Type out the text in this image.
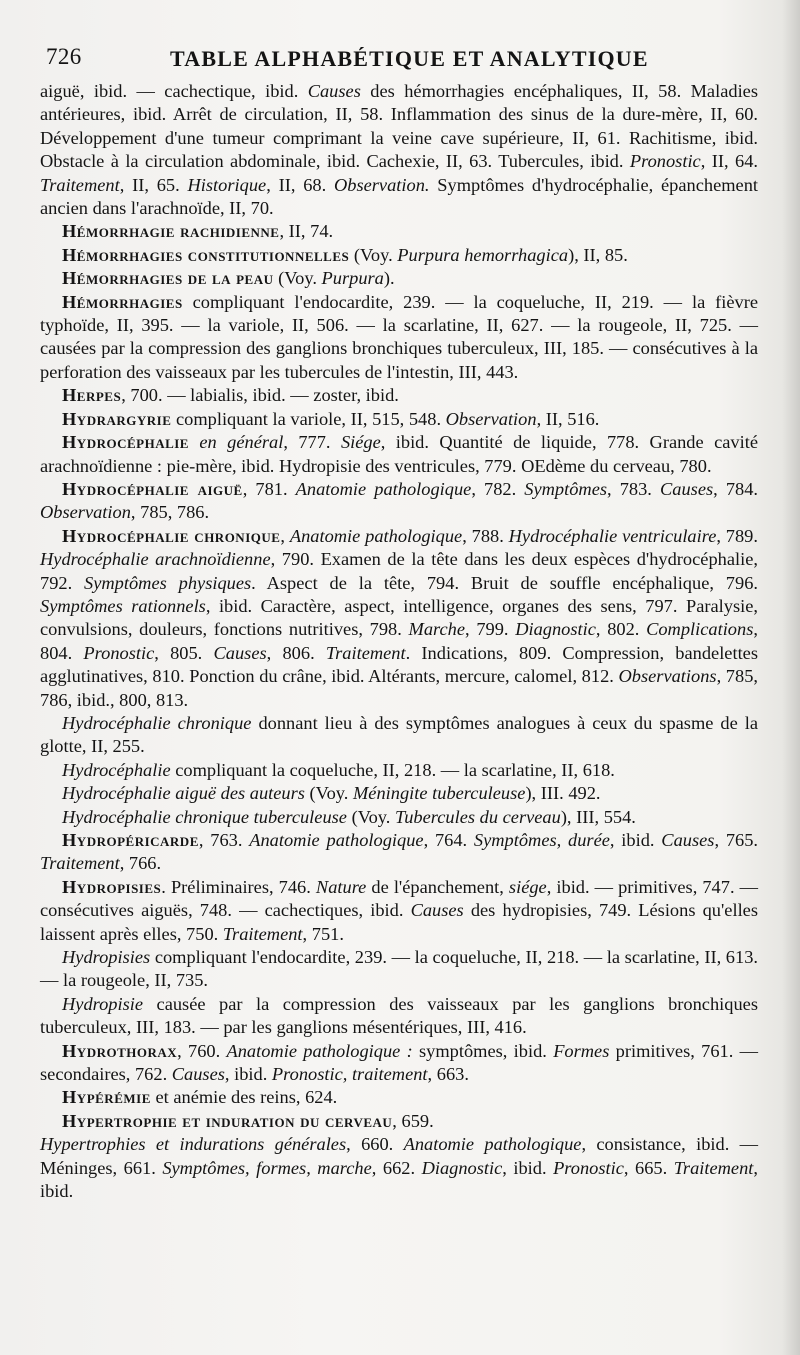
726	TABLE ALPHABÉTIQUE ET ANALYTIQUE

aiguë, ibid. — cachectique, ibid. Causes des hémorrhagies encéphaliques, II, 58. Maladies antérieures, ibid. Arrêt de circulation, II, 58. Inflammation des sinus de la dure-mère, II, 60. Développement d'une tumeur comprimant la veine cave supérieure, II, 61. Rachitisme, ibid. Obstacle à la circulation abdominale, ibid. Cachexie, II, 63. Tubercules, ibid. Pronostic, II, 64. Traitement, II, 65. Historique, II, 68. Observation. Symptômes d'hydrocéphalie, épanchement ancien dans l'arachnoïde, II, 70.

Hémorrhagie rachidienne, II, 74.

Hémorrhagies constitutionnelles (Voy. Purpura hemorrhagica), II, 85.

Hémorrhagies de la peau (Voy. Purpura).

Hémorrhagies compliquant l'endocardite, 239. — la coqueluche, II, 219. — la fièvre typhoïde, II, 395. — la variole, II, 506. — la scarlatine, II, 627. — la rougeole, II, 725. — causées par la compression des ganglions bronchiques tuberculeux, III, 185. — consécutives à la perforation des vaisseaux par les tubercules de l'intestin, III, 443.

Herpes, 700. — labialis, ibid. — zoster, ibid.

Hydrargyrie compliquant la variole, II, 515, 548. Observation, II, 516.

Hydrocéphalie en général, 777. Siége, ibid. Quantité de liquide, 778. Grande cavité arachnoïdienne : pie-mère, ibid. Hydropisie des ventricules, 779. OEdème du cerveau, 780.

Hydrocéphalie aiguë, 781. Anatomie pathologique, 782. Symptômes, 783. Causes, 784. Observation, 785, 786.

Hydrocéphalie chronique, Anatomie pathologique, 788. Hydrocéphalie ventriculaire, 789. Hydrocéphalie arachnoïdienne, 790. Examen de la tête dans les deux espèces d'hydrocéphalie, 792. Symptômes physiques. Aspect de la tête, 794. Bruit de souffle encéphalique, 796. Symptômes rationnels, ibid. Caractère, aspect, intelligence, organes des sens, 797. Paralysie, convulsions, douleurs, fonctions nutritives, 798. Marche, 799. Diagnostic, 802. Complications, 804. Pronostic, 805. Causes, 806. Traitement. Indications, 809. Compression, bandelettes agglutinatives, 810. Ponction du crâne, ibid. Altérants, mercure, calomel, 812. Observations, 785, 786, ibid., 800, 813.

Hydrocéphalie chronique donnant lieu à des symptômes analogues à ceux du spasme de la glotte, II, 255.

Hydrocéphalie compliquant la coqueluche, II, 218. — la scarlatine, II, 618.

Hydrocéphalie aiguë des auteurs (Voy. Méningite tuberculeuse), III. 492.

Hydrocéphalie chronique tuberculeuse (Voy. Tubercules du cerveau), III, 554.

Hydropéricarde, 763. Anatomie pathologique, 764. Symptômes, durée, ibid. Causes, 765. Traitement, 766.

Hydropisies. Préliminaires, 746. Nature de l'épanchement, siége, ibid. — primitives, 747. — consécutives aiguës, 748. — cachectiques, ibid. Causes des hydropisies, 749. Lésions qu'elles laissent après elles, 750. Traitement, 751.

Hydropisies compliquant l'endocardite, 239. — la coqueluche, II, 218. — la scarlatine, II, 613. — la rougeole, II, 735.

Hydropisie causée par la compression des vaisseaux par les ganglions bronchiques tuberculeux, III, 183. — par les ganglions mésentériques, III, 416.

Hydrothorax, 760. Anatomie pathologique : symptômes, ibid. Formes primitives, 761. — secondaires, 762. Causes, ibid. Pronostic, traitement, 663.

Hypérémie et anémie des reins, 624.

Hypertrophie et induration du cerveau, 659.

Hypertrophies et indurations générales, 660. Anatomie pathologique, consistance, ibid. — Méninges, 661. Symptômes, formes, marche, 662. Diagnostic, ibid. Pronostic, 665. Traitement, ibid.
